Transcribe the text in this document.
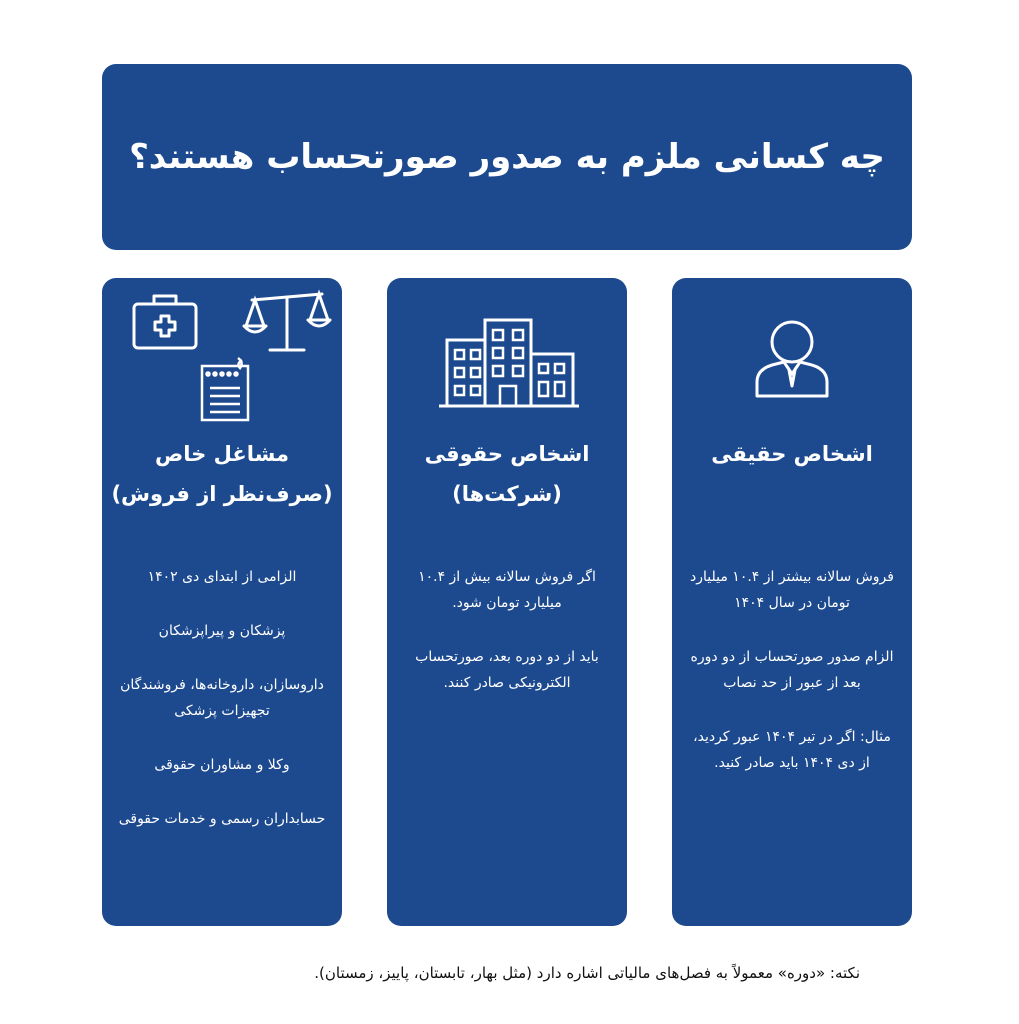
چه کسانی ملزم به صدور صورتحساب هستند؟
اشخاص حقیقی

فروش سالانه بیشتر از ۱۰.۴ میلیارد تومان در سال ۱۴۰۴

الزام صدور صورتحساب از دو دوره بعد از عبور از حد نصاب

مثال: اگر در تیر ۱۴۰۴ عبور کردید، از دی ۱۴۰۴ باید صادر کنید.

اشخاص حقوقی
(شرکت‌ها)

اگر فروش سالانه بیش از ۱۰.۴ میلیارد تومان شود.

باید از دو دوره بعد، صورتحساب الکترونیکی صادر کنند.

مشاغل خاص
(صرف‌نظر از فروش)

الزامی از ابتدای دی ۱۴۰۲

پزشکان و پیراپزشکان

داروسازان، داروخانه‌ها، فروشندگان تجهیزات پزشکی

وکلا و مشاوران حقوقی

حسابداران رسمی و خدمات حقوقی

نکته: «دوره» معمولاً به فصل‌های مالیاتی اشاره دارد (مثل بهار، تابستان، پاییز، زمستان).
